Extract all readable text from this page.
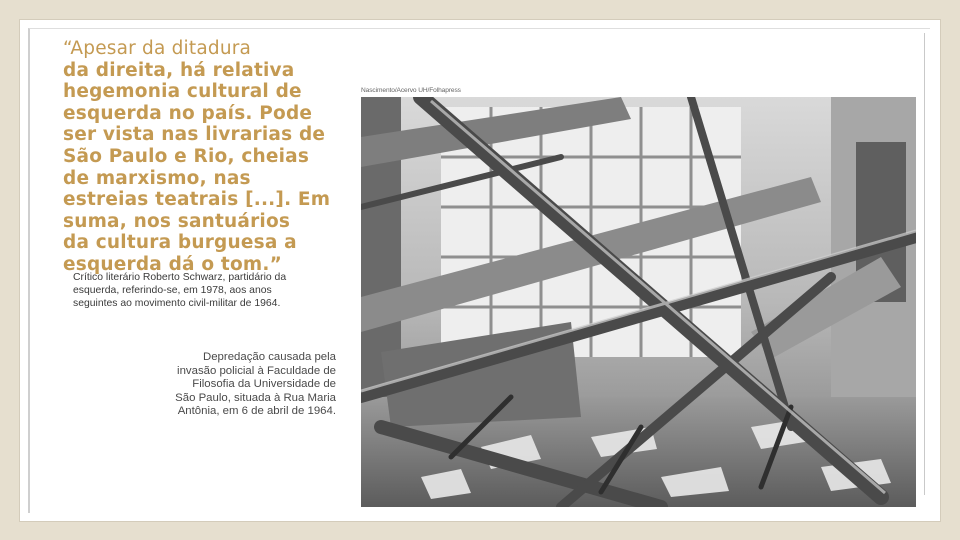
“Apesar da ditadura
da direita, há relativa
hegemonia cultural de
esquerda no país. Pode
ser vista nas livrarias de
São Paulo e Rio, cheias
de marxismo, nas
estreias teatrais [...]. Em
suma, nos santuários
da cultura burguesa a
esquerda dá o tom.”
Crítico literário Roberto Schwarz, partidário da
esquerda, referindo-se, em 1978, aos anos
seguintes ao movimento civil-militar de 1964.
Depredação causada pela
invasão policial à Faculdade de
Filosofia da Universidade de
São Paulo, situada à Rua Maria
Antônia, em 6 de abril de 1964.
Nascimento/Acervo UH/Folhapress
